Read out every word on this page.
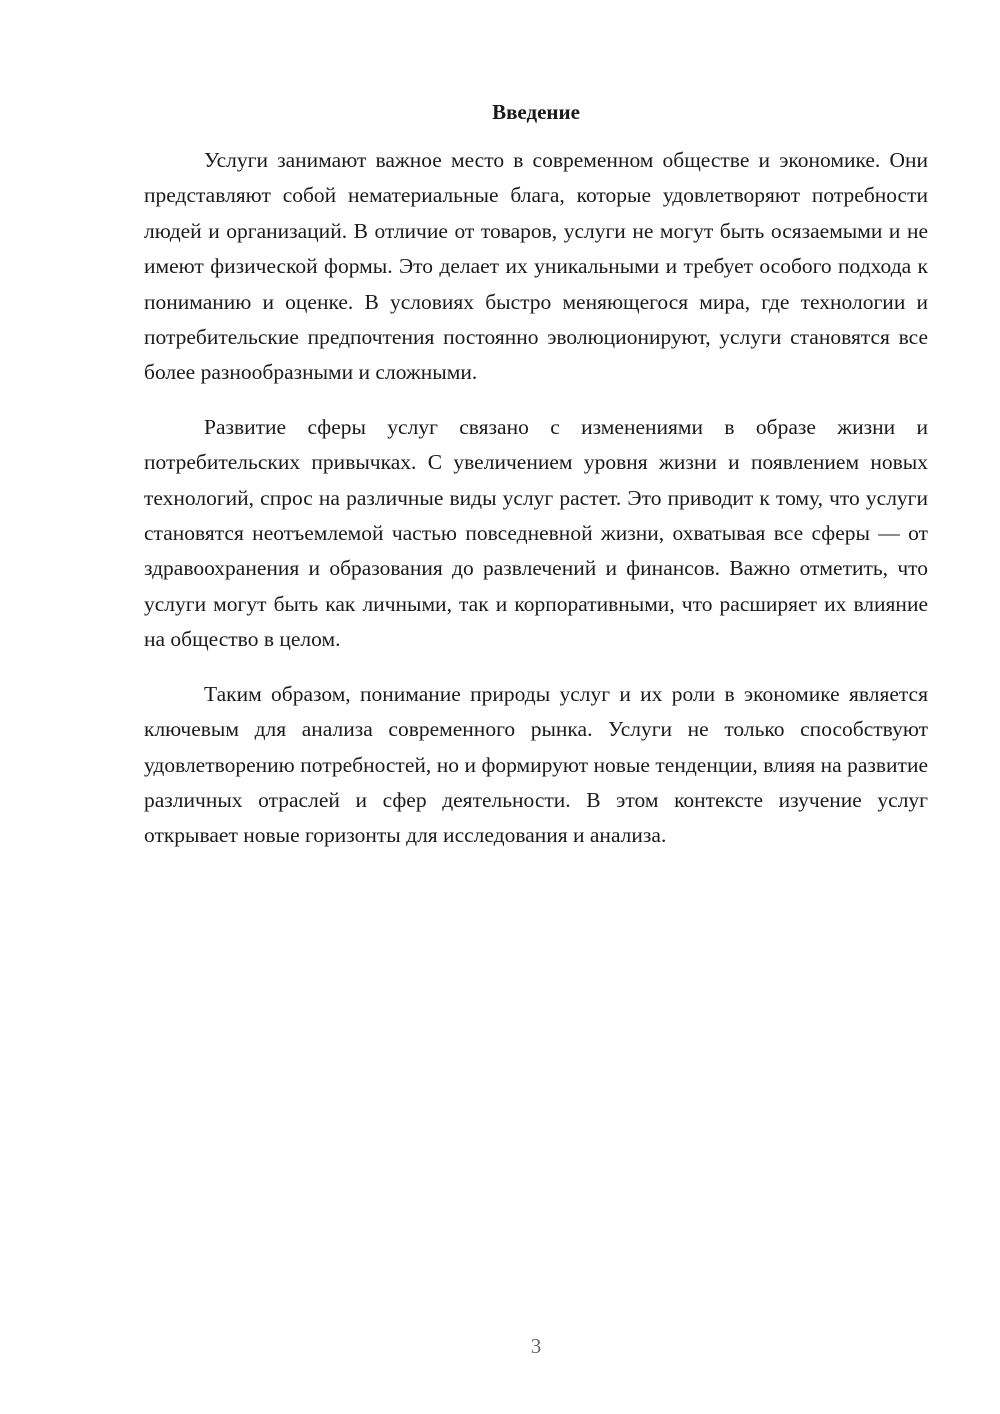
Введение

Услуги занимают важное место в современном обществе и экономике. Они представляют собой нематериальные блага, которые удовлетворяют потребности людей и организаций. В отличие от товаров, услуги не могут быть осязаемыми и не имеют физической формы. Это делает их уникальными и требует особого подхода к пониманию и оценке. В условиях быстро меняющегося мира, где технологии и потребительские предпочтения постоянно эволюционируют, услуги становятся все более разнообразными и сложными.

Развитие сферы услуг связано с изменениями в образе жизни и потребительских привычках. С увеличением уровня жизни и появлением новых технологий, спрос на различные виды услуг растет. Это приводит к тому, что услуги становятся неотъемлемой частью повседневной жизни, охватывая все сферы — от здравоохранения и образования до развлечений и финансов. Важно отметить, что услуги могут быть как личными, так и корпоративными, что расширяет их влияние на общество в целом.

Таким образом, понимание природы услуг и их роли в экономике является ключевым для анализа современного рынка. Услуги не только способствуют удовлетворению потребностей, но и формируют новые тенденции, влияя на развитие различных отраслей и сфер деятельности. В этом контексте изучение услуг открывает новые горизонты для исследования и анализа.

3
